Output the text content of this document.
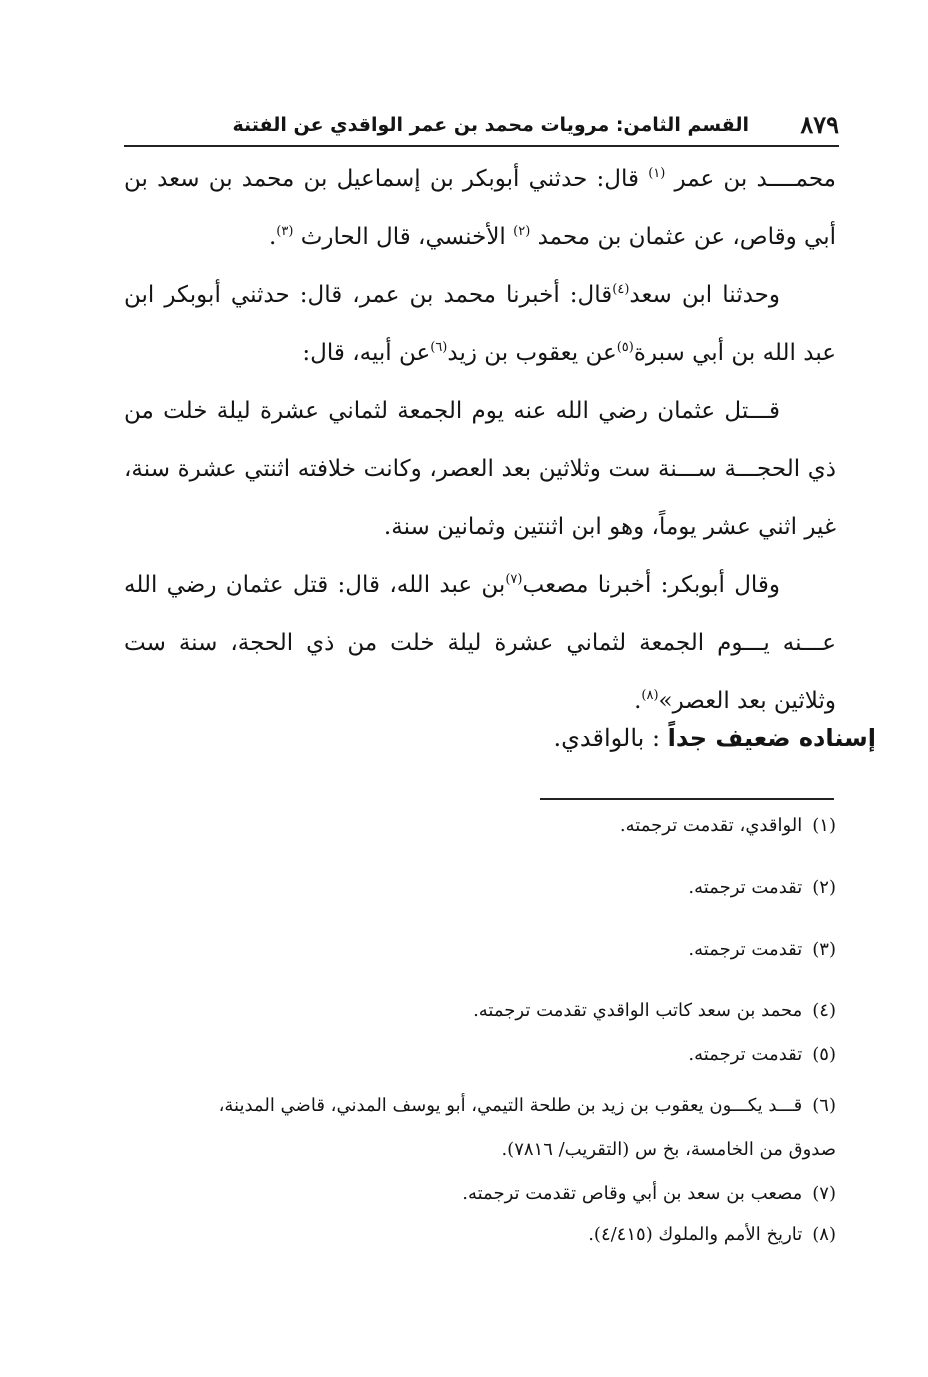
٨٧٩
القسم الثامن: مرويات محمد بن عمر الواقدي عن الفتنة

محمــــد بن عمر $^{(١)}$ قال: حدثني أبوبكر بن إسماعيل بن محمد بن سعد بن أبي وقاص، عن عثمان بن محمد $^{(٢)}$ الأخنسي، قال الحارث $^{(٣)}$.

وحدثنا ابن سعد$^{(٤)}$قال: أخبرنا محمد بن عمر، قال: حدثني أبوبكر ابن عبد الله بن أبي سبرة$^{(٥)}$عن يعقوب بن زيد$^{(٦)}$عن أبيه، قال:

قـــتل عثمان رضي الله عنه يوم الجمعة لثماني عشرة ليلة خلت من ذي الحجـــة ســـنة ست وثلاثين بعد العصر، وكانت خلافته اثنتي عشرة سنة، غير اثني عشر يوماً، وهو ابن اثنتين وثمانين سنة.

وقال أبوبكر: أخبرنا مصعب$^{(٧)}$بن عبد الله، قال: قتل عثمان رضي الله عـــنه يـــوم الجمعة لثماني عشرة ليلة خلت من ذي الحجة، سنة ست وثلاثين بعد العصر»$^{(٨)}$.

إسناده ضعيف جداً : بالواقدي.
(١)الواقدي، تقدمت ترجمته.
(٢)تقدمت ترجمته.
(٣)تقدمت ترجمته.
(٤)محمد بن سعد كاتب الواقدي تقدمت ترجمته.
(٥)تقدمت ترجمته.
(٦)قـــد يكـــون يعقوب بن زيد بن طلحة التيمي، أبو يوسف المدني، قاضي المدينة،
صدوق من الخامسة، بخ س (التقريب/ ٧٨١٦).
(٧)مصعب بن سعد بن أبي وقاص تقدمت ترجمته.
(٨)تاريخ الأمم والملوك (٤/٤١٥).
